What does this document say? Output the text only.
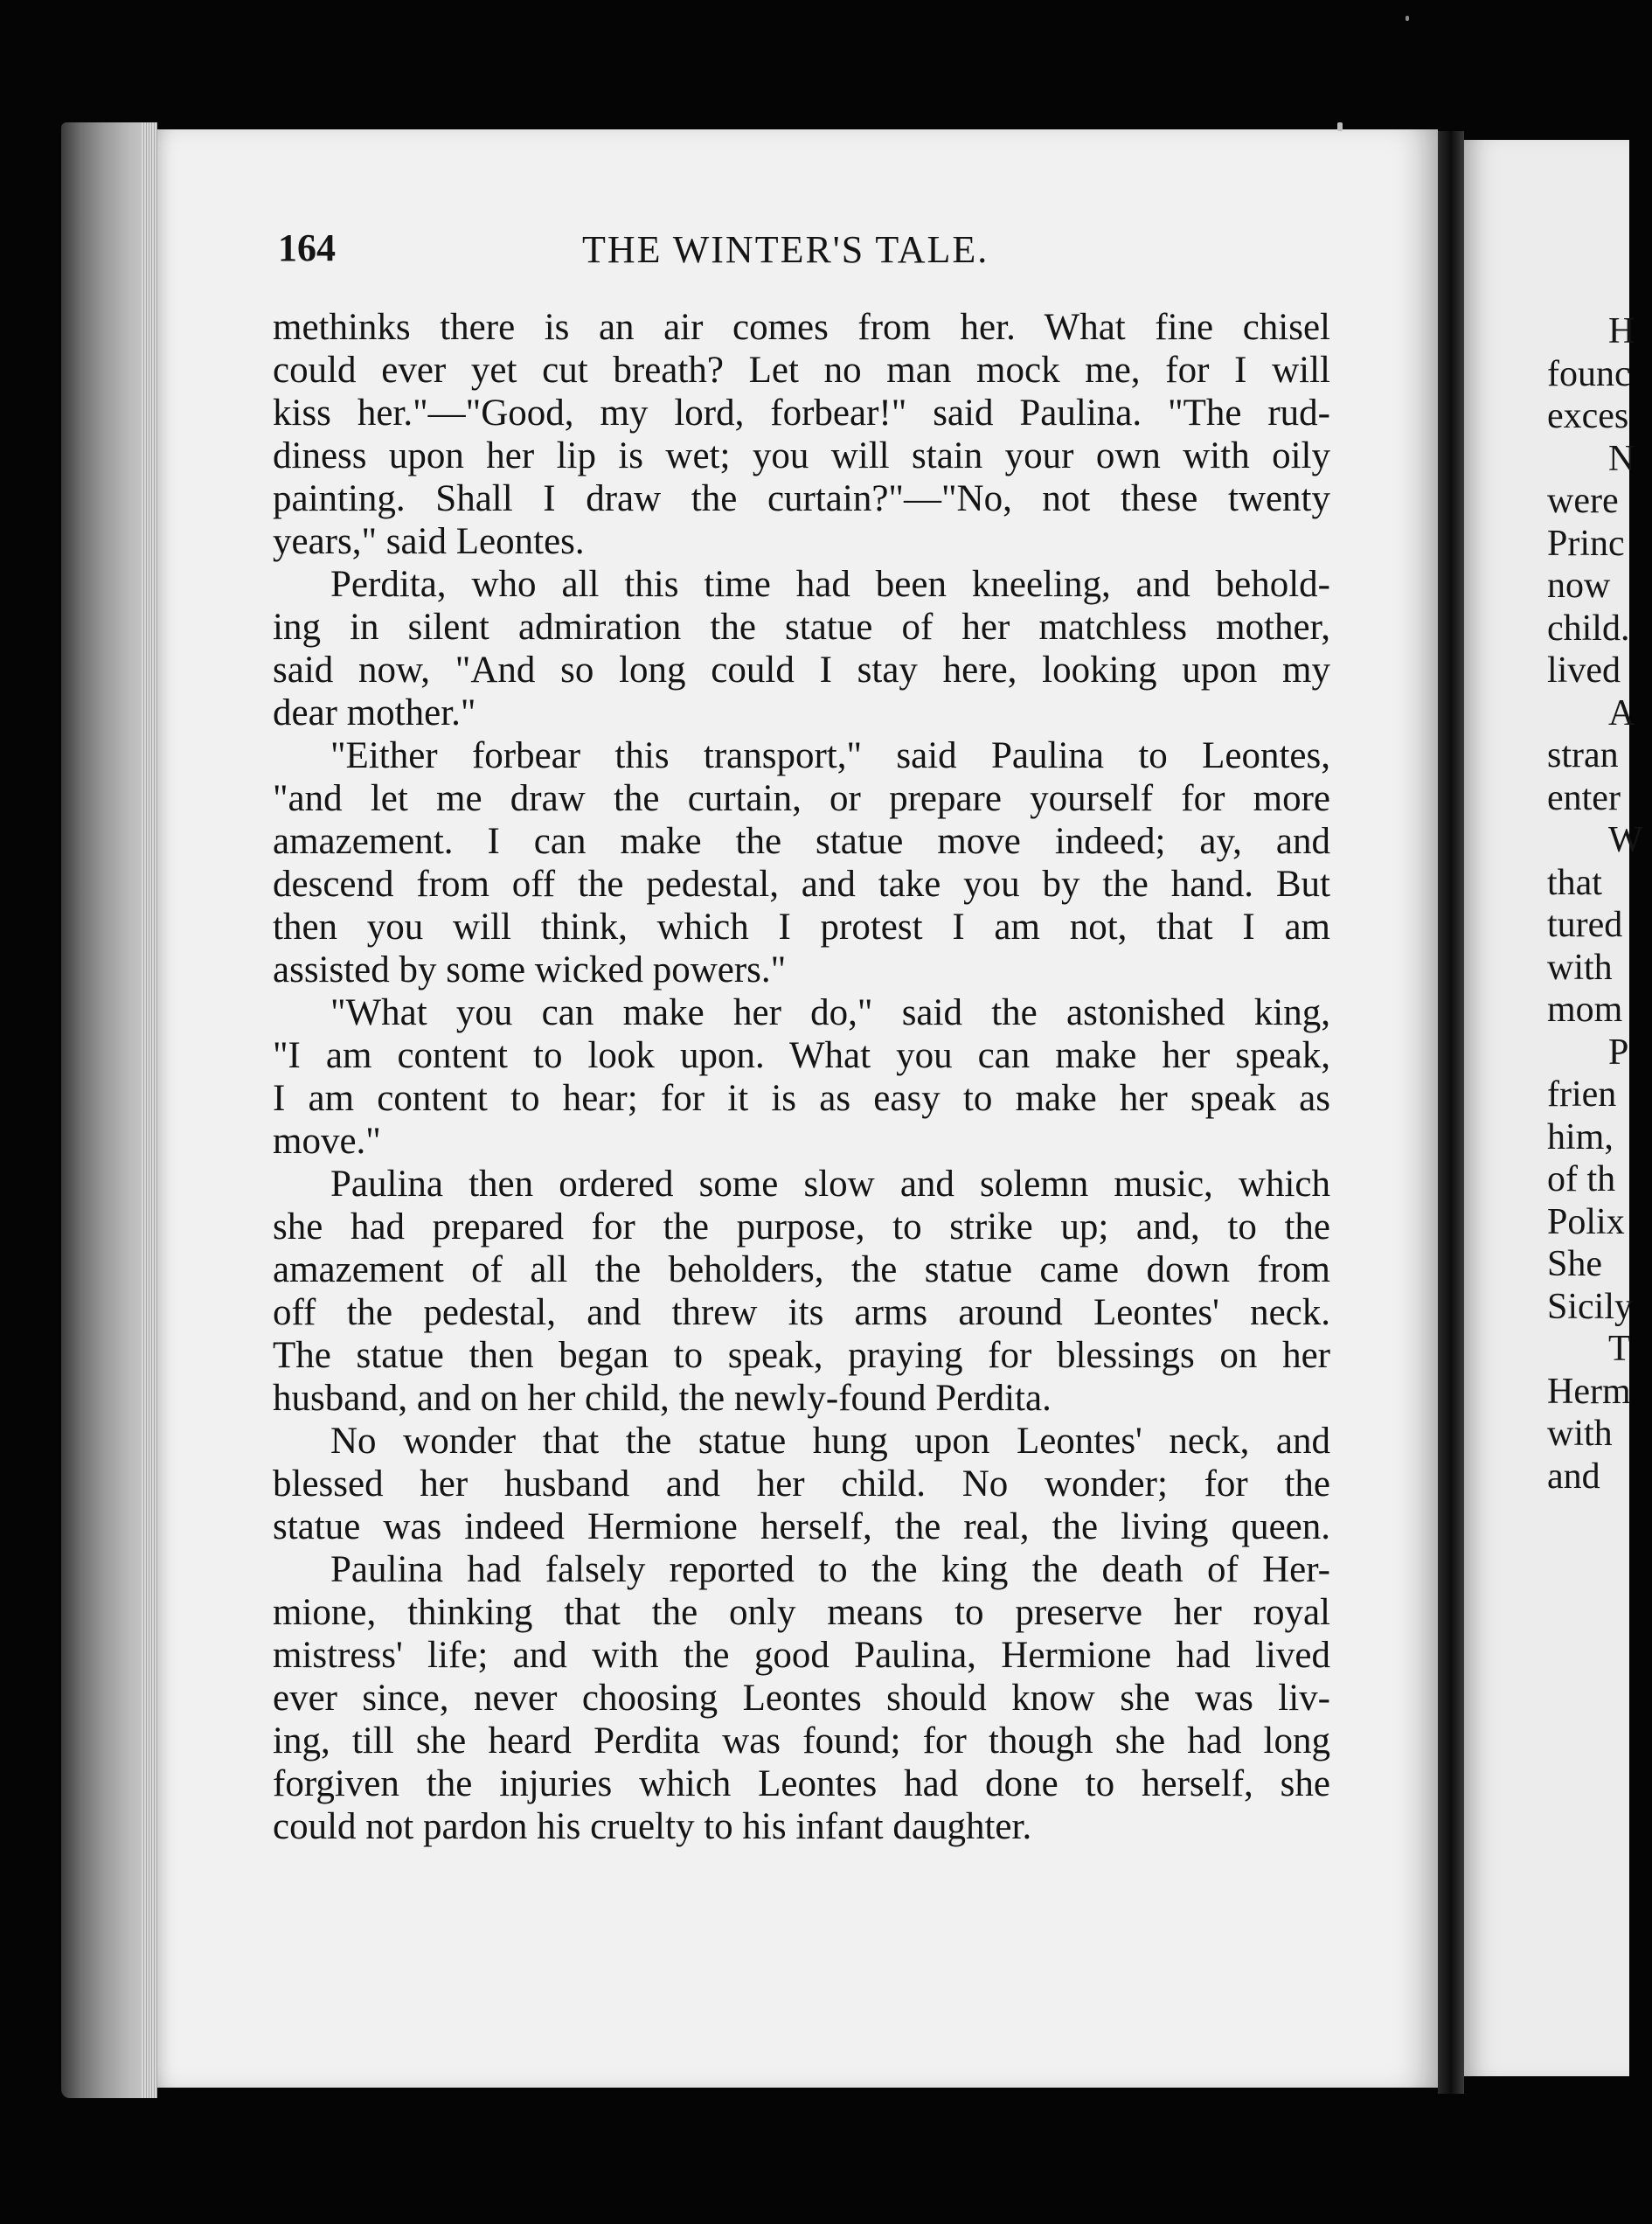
H
founc
exces
N
were
Princ
now
child.
lived
A
stran
enter
W
that
tured
with
mom
P
frien
him,
of th
Polix
She
Sicily
T
Herm
with
and
164	THE WINTER'S TALE.
methinks there is an air comes from her. What fine chisel
could ever yet cut breath? Let no man mock me, for I will
kiss her."—"Good, my lord, forbear!" said Paulina. "The rud-
diness upon her lip is wet; you will stain your own with oily
painting. Shall I draw the curtain?"—"No, not these twenty
years," said Leontes.
Perdita, who all this time had been kneeling, and behold-
ing in silent admiration the statue of her matchless mother,
said now, "And so long could I stay here, looking upon my
dear mother."
"Either forbear this transport," said Paulina to Leontes,
"and let me draw the curtain, or prepare yourself for more
amazement. I can make the statue move indeed; ay, and
descend from off the pedestal, and take you by the hand. But
then you will think, which I protest I am not, that I am
assisted by some wicked powers."
"What you can make her do," said the astonished king,
"I am content to look upon. What you can make her speak,
I am content to hear; for it is as easy to make her speak as
move."
Paulina then ordered some slow and solemn music, which
she had prepared for the purpose, to strike up; and, to the
amazement of all the beholders, the statue came down from
off the pedestal, and threw its arms around Leontes' neck.
The statue then began to speak, praying for blessings on her
husband, and on her child, the newly-found Perdita.
No wonder that the statue hung upon Leontes' neck, and
blessed her husband and her child. No wonder; for the
statue was indeed Hermione herself, the real, the living queen.
Paulina had falsely reported to the king the death of Her-
mione, thinking that the only means to preserve her royal
mistress' life; and with the good Paulina, Hermione had lived
ever since, never choosing Leontes should know she was liv-
ing, till she heard Perdita was found; for though she had long
forgiven the injuries which Leontes had done to herself, she
could not pardon his cruelty to his infant daughter.
